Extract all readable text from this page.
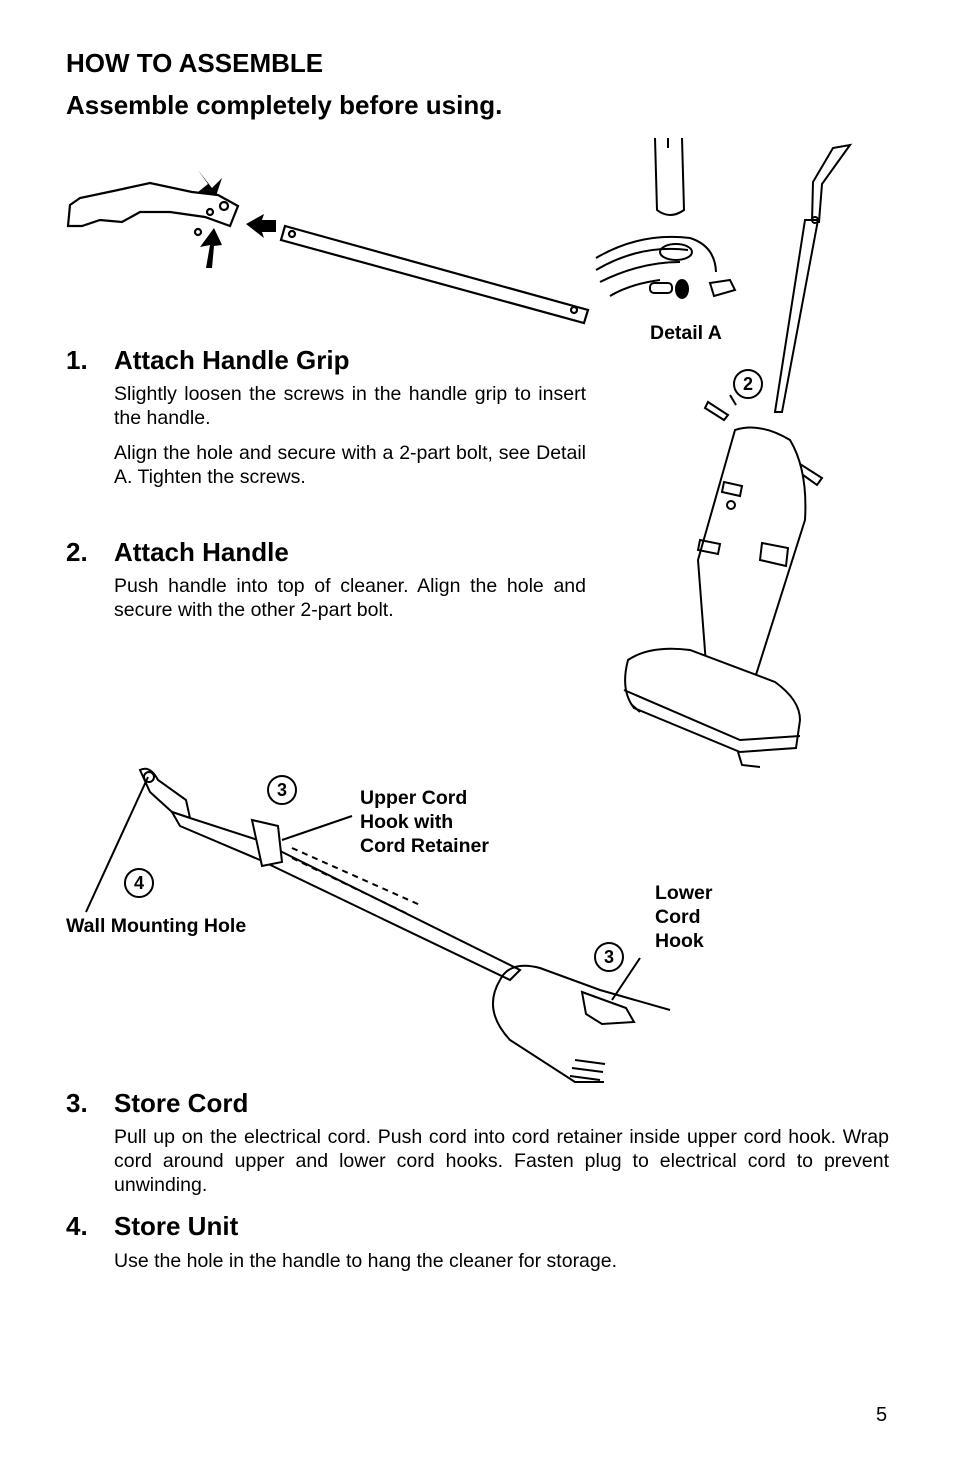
HOW TO ASSEMBLE
Assemble completely before using.
Detail A
2
3
4
3
Upper Cord
Hook with
Cord Retainer
Lower
Cord
Hook
Wall Mounting Hole
1. Attach Handle Grip
Slightly loosen the screws in the handle grip to insert the handle.
Align the hole and secure with a 2-part bolt, see Detail A. Tighten the screws.
2. Attach Handle
Push handle into top of cleaner. Align the hole and secure with the other 2-part bolt.
3. Store Cord
Pull up on the electrical cord. Push cord into cord retainer inside upper cord hook. Wrap cord around upper and lower cord hooks. Fasten plug to electrical cord to prevent unwinding.
4. Store Unit
Use the hole in the handle to hang the cleaner for storage.
5
